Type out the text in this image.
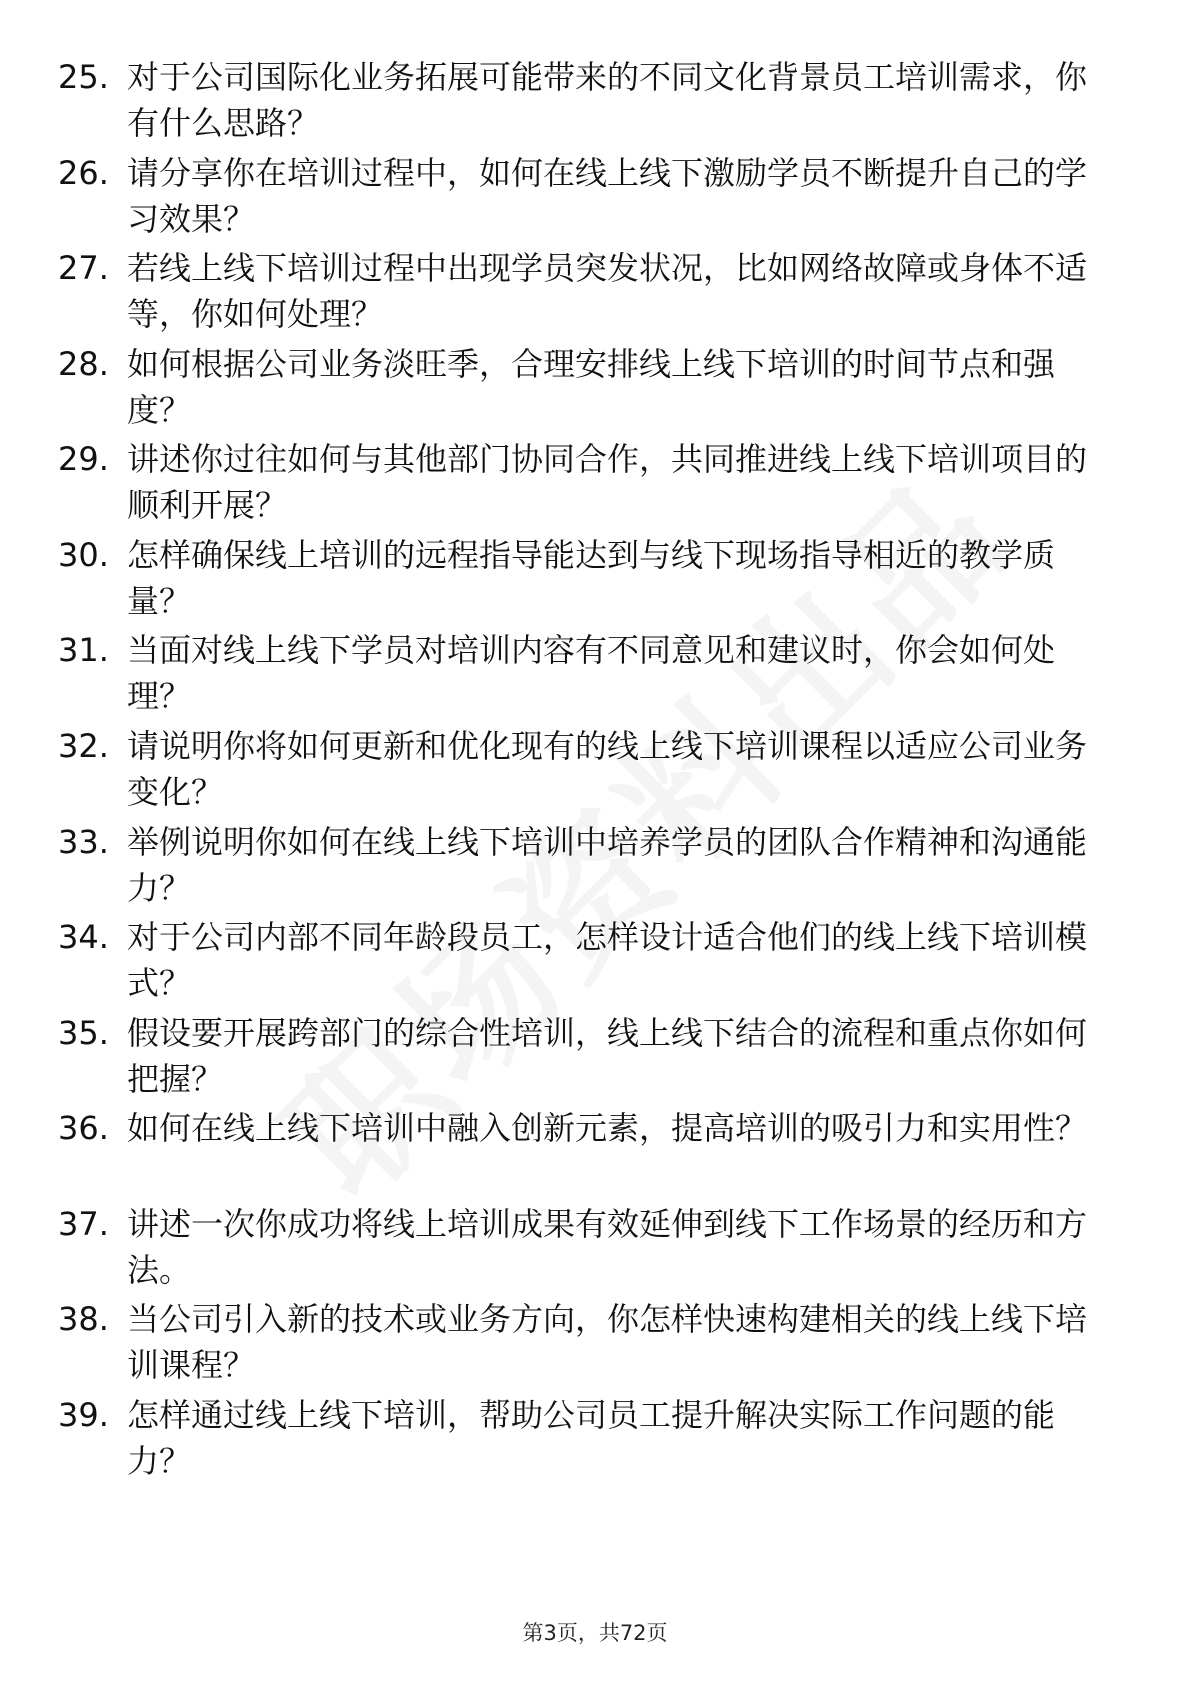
25. 对于公司国际化业务拓展可能带来的不同文化背景员工培训需求，你有什么思路？
26. 请分享你在培训过程中，如何在线上线下激励学员不断提升自己的学习效果？
27. 若线上线下培训过程中出现学员突发状况，比如网络故障或身体不适等，你如何处理？
28. 如何根据公司业务淡旺季，合理安排线上线下培训的时间节点和强度？
29. 讲述你过往如何与其他部门协同合作，共同推进线上线下培训项目的顺利开展？
30. 怎样确保线上培训的远程指导能达到与线下现场指导相近的教学质量？
31. 当面对线上线下学员对培训内容有不同意见和建议时，你会如何处理？
32. 请说明你将如何更新和优化现有的线上线下培训课程以适应公司业务变化？
33. 举例说明你如何在线上线下培训中培养学员的团队合作精神和沟通能力？
34. 对于公司内部不同年龄段员工，怎样设计适合他们的线上线下培训模式？
35. 假设要开展跨部门的综合性培训，线上线下结合的流程和重点你如何把握？
36. 如何在线上线下培训中融入创新元素，提高培训的吸引力和实用性？
37. 讲述一次你成功将线上培训成果有效延伸到线下工作场景的经历和方法。
38. 当公司引入新的技术或业务方向，你怎样快速构建相关的线上线下培训课程？
39. 怎样通过线上线下培训，帮助公司员工提升解决实际工作问题的能力？
第3页，共72页
